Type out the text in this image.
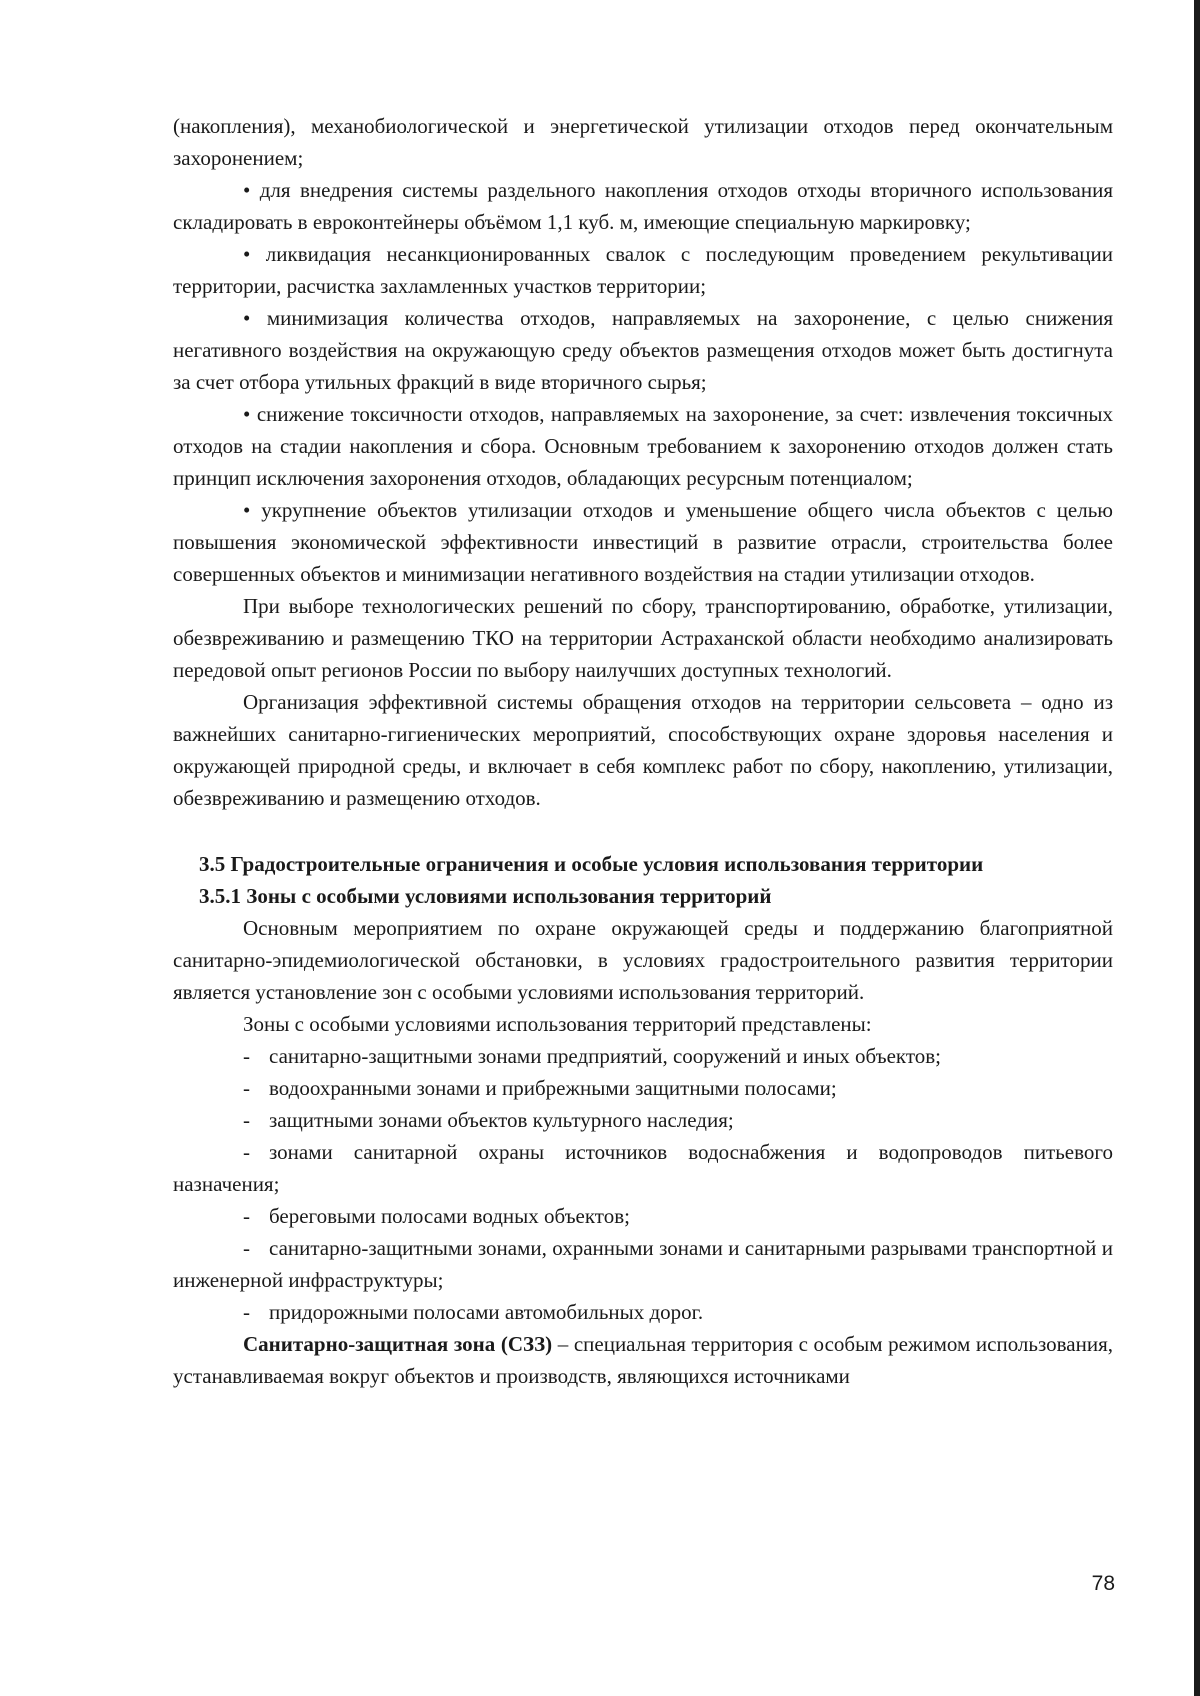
(накопления), механобиологической и энергетической утилизации отходов перед окончательным захоронением;

• для внедрения системы раздельного накопления отходов отходы вторичного использования складировать в евроконтейнеры объёмом 1,1 куб. м, имеющие специальную маркировку;

• ликвидация несанкционированных свалок с последующим проведением рекультивации территории, расчистка захламленных участков территории;

• минимизация количества отходов, направляемых на захоронение, с целью снижения негативного воздействия на окружающую среду объектов размещения отходов может быть достигнута за счет отбора утильных фракций в виде вторичного сырья;

• снижение токсичности отходов, направляемых на захоронение, за счет: извлечения токсичных отходов на стадии накопления и сбора. Основным требованием к захоронению отходов должен стать принцип исключения захоронения отходов, обладающих ресурсным потенциалом;

• укрупнение объектов утилизации отходов и уменьшение общего числа объектов с целью повышения экономической эффективности инвестиций в развитие отрасли, строительства более совершенных объектов и минимизации негативного воздействия на стадии утилизации отходов.

При выборе технологических решений по сбору, транспортированию, обработке, утилизации, обезвреживанию и размещению ТКО на территории Астраханской области необходимо анализировать передовой опыт регионов России по выбору наилучших доступных технологий.

Организация эффективной системы обращения отходов на территории сельсовета – одно из важнейших санитарно-гигиенических мероприятий, способствующих охране здоровья населения и окружающей природной среды, и включает в себя комплекс работ по сбору, накоплению, утилизации, обезвреживанию и размещению отходов.

3.5 Градостроительные ограничения и особые условия использования территории

3.5.1 Зоны с особыми условиями использования территорий

Основным мероприятием по охране окружающей среды и поддержанию благоприятной санитарно-эпидемиологической обстановки, в условиях градостроительного развития территории является установление зон с особыми условиями использования территорий.

Зоны с особыми условиями использования территорий представлены:

- санитарно-защитными зонами предприятий, сооружений и иных объектов;

- водоохранными зонами и прибрежными защитными полосами;

- защитными зонами объектов культурного наследия;

- зонами санитарной охраны источников водоснабжения и водопроводов питьевого назначения;

- береговыми полосами водных объектов;

- санитарно-защитными зонами, охранными зонами и санитарными разрывами транспортной и инженерной инфраструктуры;

- придорожными полосами автомобильных дорог.

Санитарно-защитная зона (СЗЗ) – специальная территория с особым режимом использования, устанавливаемая вокруг объектов и производств, являющихся источниками

78
